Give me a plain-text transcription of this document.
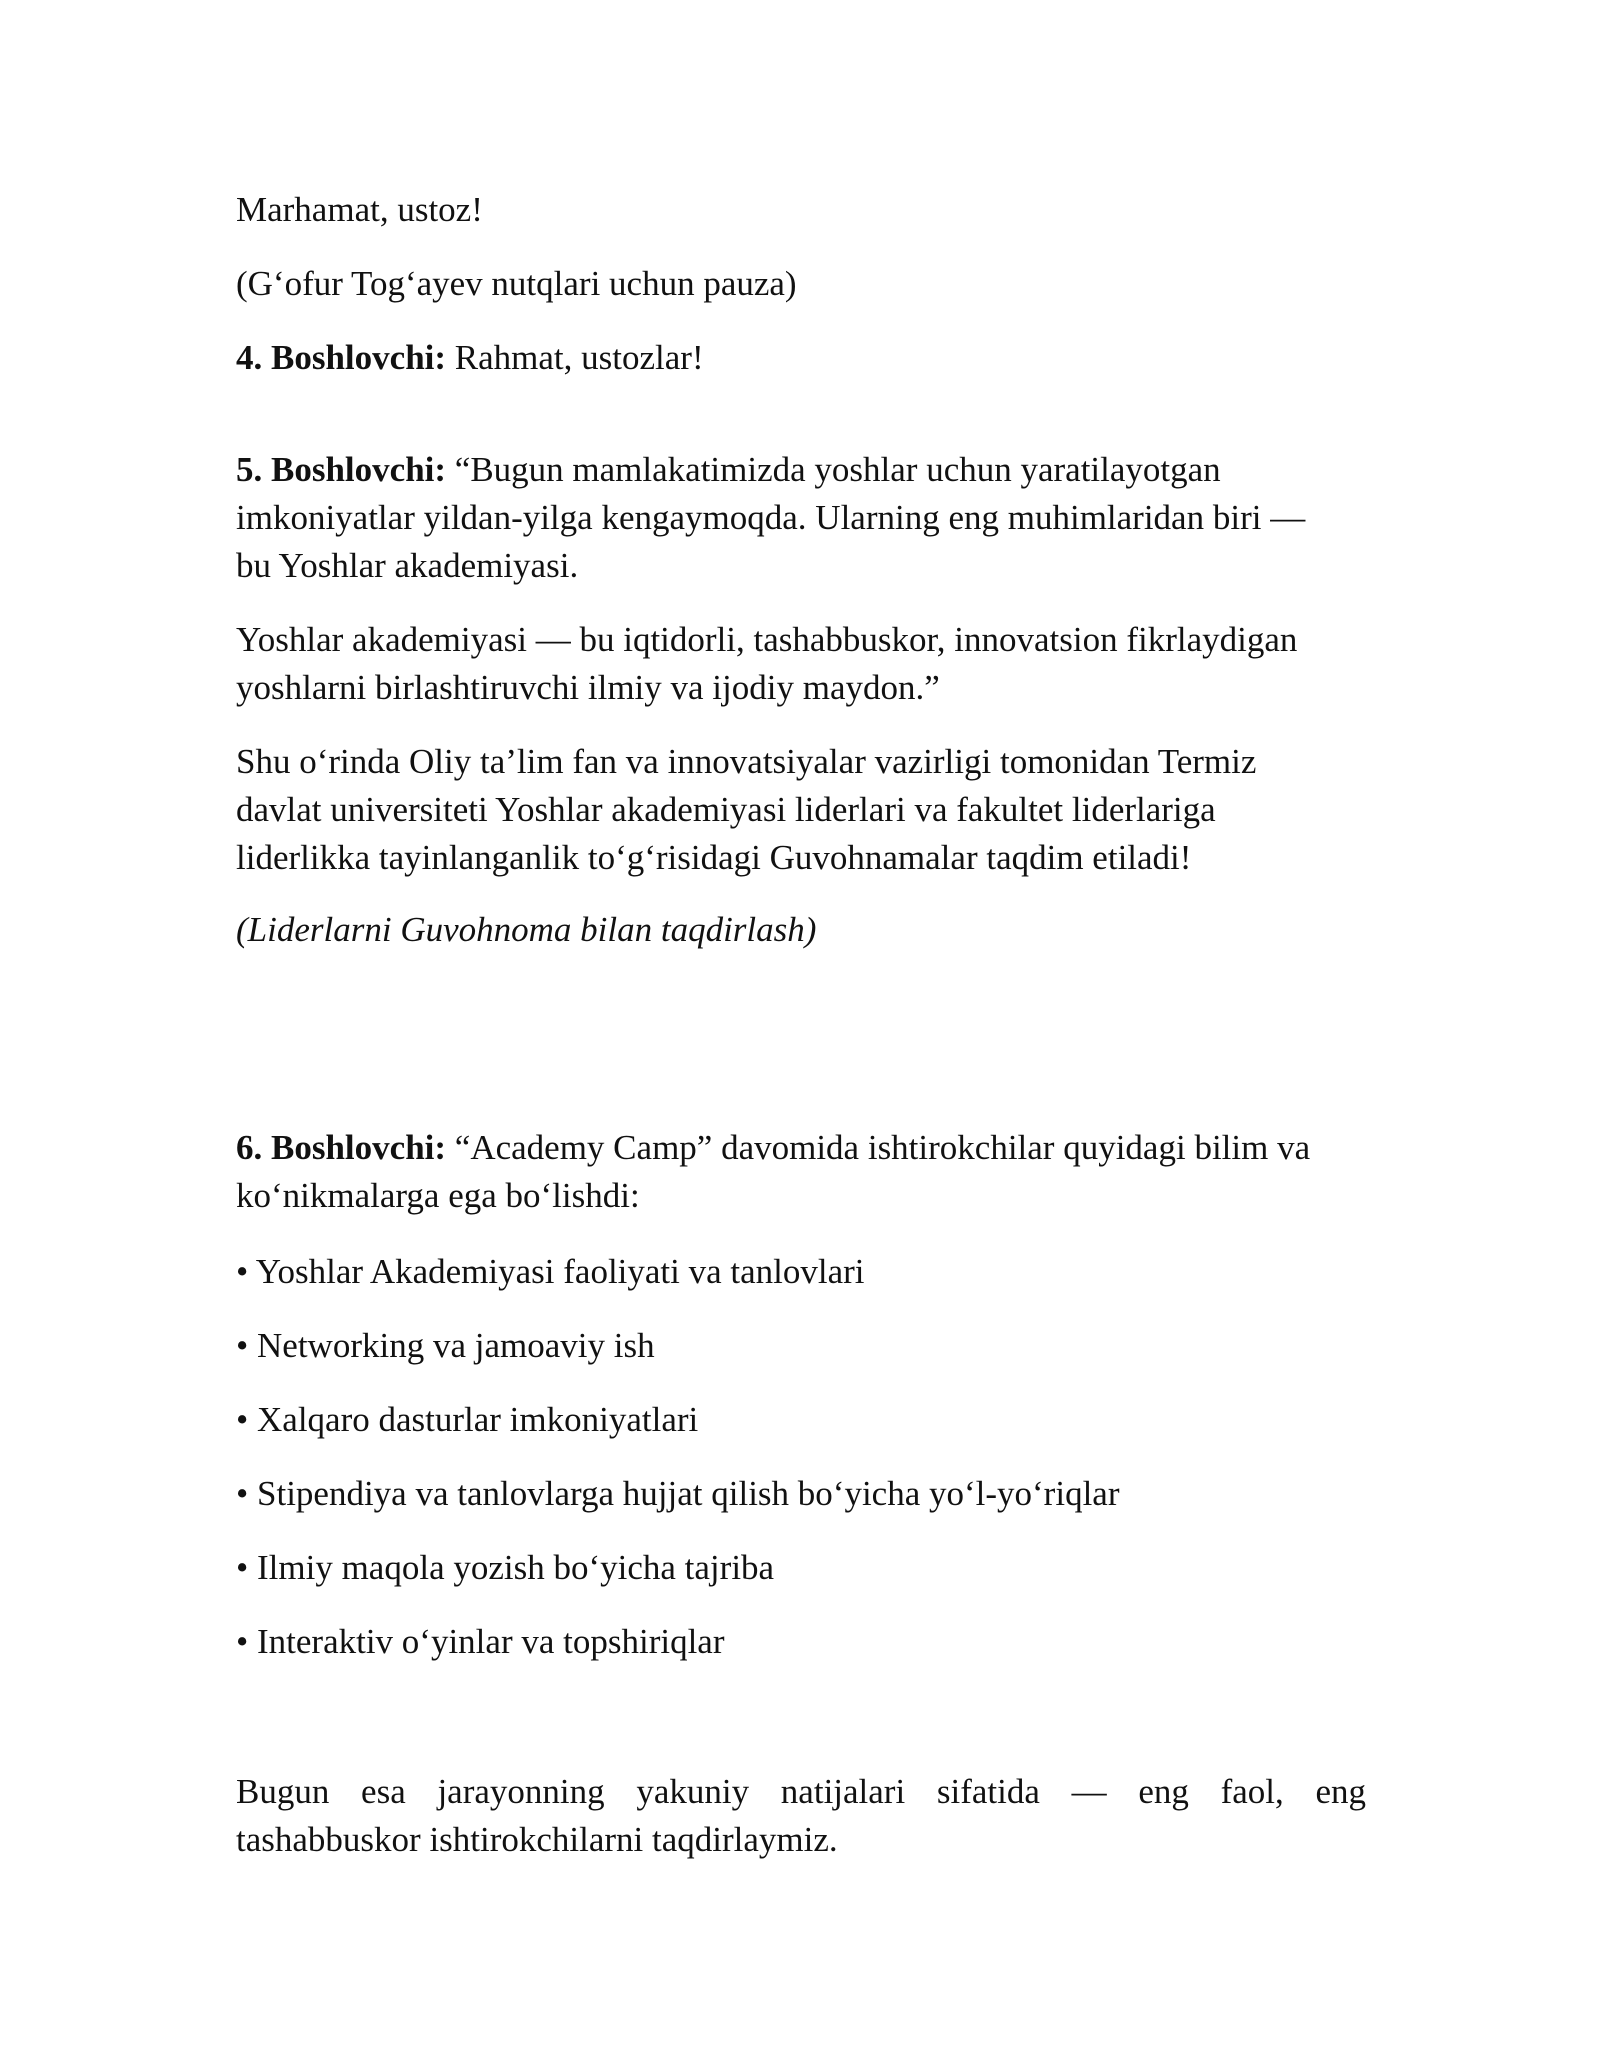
Marhamat, ustoz!

(G‘ofur Tog‘ayev nutqlari uchun pauza)

4. Boshlovchi: Rahmat, ustozlar!

5. Boshlovchi: “Bugun mamlakatimizda yoshlar uchun yaratilayotgan
imkoniyatlar yildan-yilga kengaymoqda. Ularning eng muhimlaridan biri —
bu Yoshlar akademiyasi.
Yoshlar akademiyasi — bu iqtidorli, tashabbuskor, innovatsion fikrlaydigan
yoshlarni birlashtiruvchi ilmiy va ijodiy maydon.”
Shu o‘rinda Oliy ta’lim fan va innovatsiyalar vazirligi tomonidan Termiz
davlat universiteti Yoshlar akademiyasi liderlari va fakultet liderlariga
liderlikka tayinlanganlik to‘g‘risidagi Guvohnamalar taqdim etiladi!

(Liderlarni Guvohnoma bilan taqdirlash)

6. Boshlovchi: “Academy Camp” davomida ishtirokchilar quyidagi bilim va
ko‘nikmalarga ega bo‘lishdi:
• Yoshlar Akademiyasi faoliyati va tanlovlari
• Networking va jamoaviy ish
• Xalqaro dasturlar imkoniyatlari
• Stipendiya va tanlovlarga hujjat qilish bo‘yicha yo‘l-yo‘riqlar
• Ilmiy maqola yozish bo‘yicha tajriba
• Interaktiv o‘yinlar va topshiriqlar
Bugun esa jarayonning yakuniy natijalari sifatida — eng faol, eng
tashabbuskor ishtirokchilarni taqdirlaymiz.
